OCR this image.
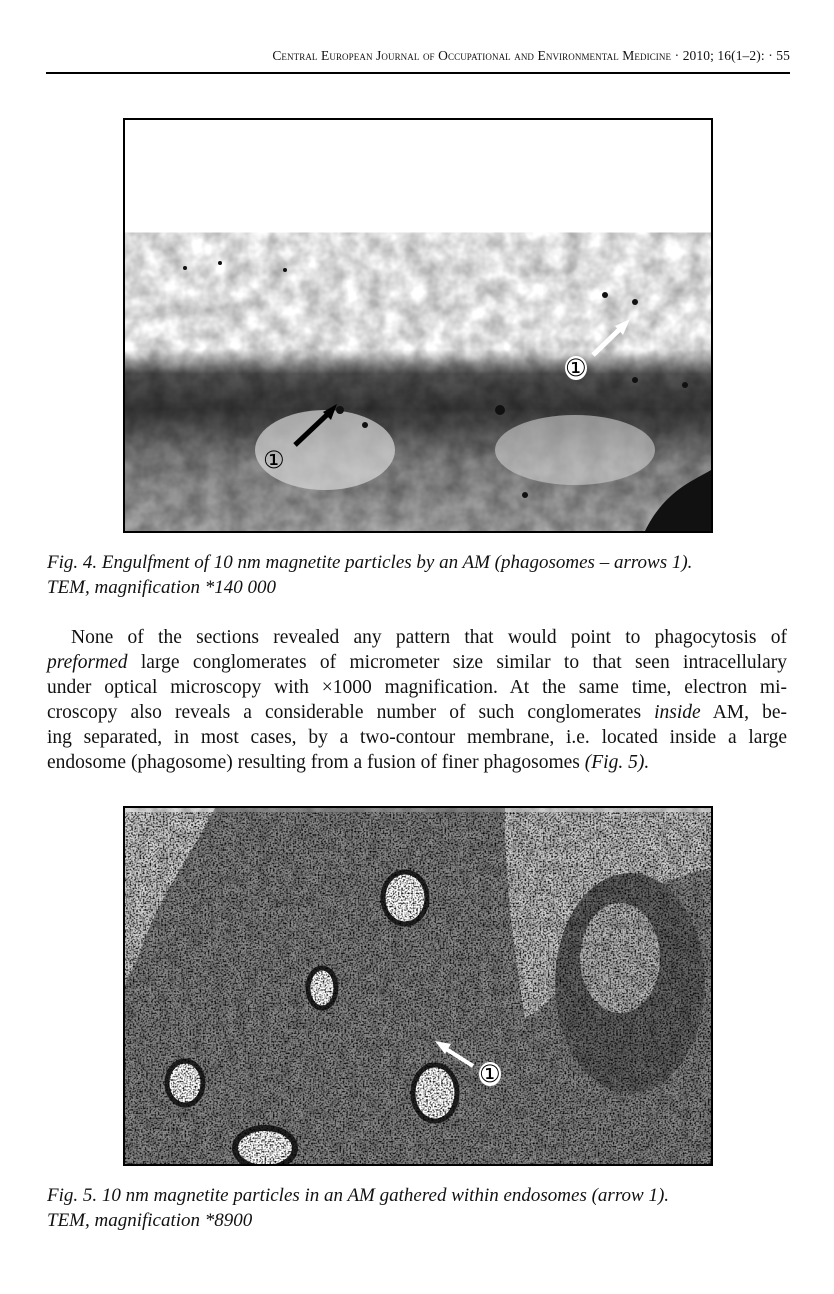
Central European Journal of Occupational and Environmental Medicine · 2010; 16(1–2): · 55
①
①
Fig. 4. Engulfment of 10 nm magnetite particles by an AM (phagosomes – arrows 1).
TEM, magnification *140 000
None of the sections revealed any pattern that would point to phagocytosis of
preformed large conglomerates of micrometer size similar to that seen intracellulary
under optical microscopy with ×1000 magnification. At the same time, electron mi-
croscopy also reveals a considerable number of such conglomerates inside AM, be-
ing separated, in most cases, by a two-contour membrane, i.e. located inside a large
endosome (phagosome) resulting from a fusion of finer phagosomes (Fig. 5).
①
Fig. 5. 10 nm magnetite particles in an AM gathered within endosomes (arrow 1).
TEM, magnification *8900
